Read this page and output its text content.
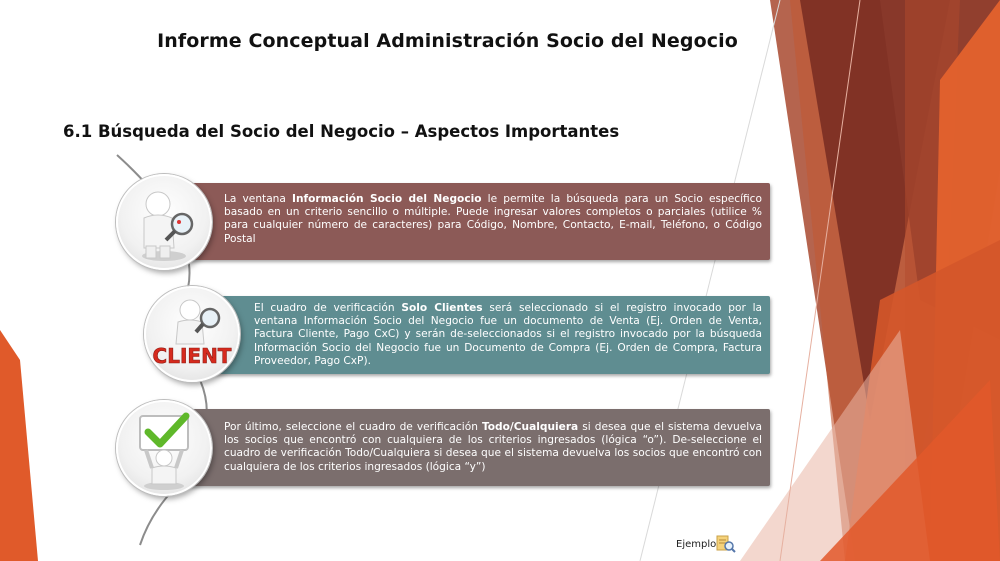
Informe Conceptual Administración Socio del Negocio
6.1 Búsqueda del Socio del Negocio – Aspectos Importantes

La ventana Información Socio del Negocio le permite la búsqueda para un Socio específico basado en un criterio sencillo o múltiple. Puede ingresar valores completos o parciales (utilice % para cualquier número de caracteres) para Código, Nombre, Contacto, E-mail, Teléfono, o Código Postal

El cuadro de verificación Solo Clientes será seleccionado si el registro invocado por la ventana Información Socio del Negocio fue un documento de Venta (Ej. Orden de Venta, Factura Cliente, Pago CxC) y serán de-seleccionados si el registro invocado por la búsqueda Información Socio del Negocio fue un Documento de Compra (Ej. Orden de Compra, Factura Proveedor, Pago CxP).

CLIENT

Por último, seleccione el cuadro de verificación Todo/Cualquiera si desea que el sistema devuelva los socios que encontró con cualquiera de los criterios ingresados (lógica “o”). De-seleccione el cuadro de verificación Todo/Cualquiera si desea que el sistema devuelva los socios que encontró con cualquiera de los criterios ingresados (lógica “y”)

Ejemplo
